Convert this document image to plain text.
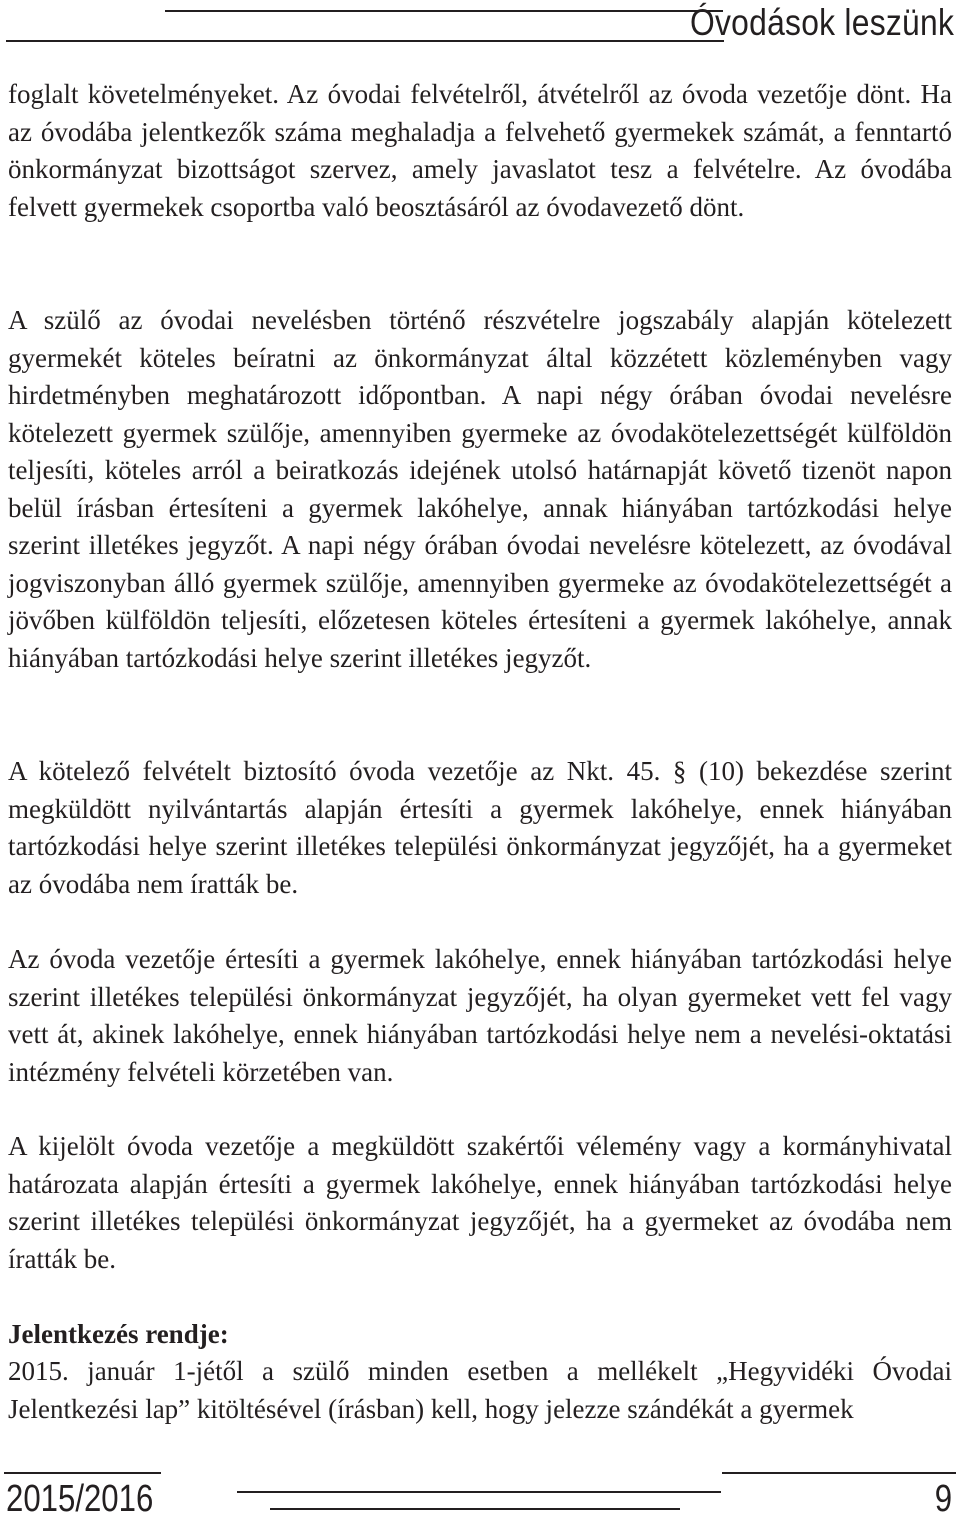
Óvodások leszünk

foglalt követelményeket. Az óvodai felvételről, átvételről az óvoda vezetője dönt. Ha az óvodába jelentkezők száma meghaladja a felvehető gyermekek számát, a fenntartó önkormányzat bizottságot szervez, amely javaslatot tesz a felvételre. Az óvodába felvett gyermekek csoportba való beosztásáról az óvodavezető dönt.

A szülő az óvodai nevelésben történő részvételre jogszabály alapján kötelezett gyermekét köteles beíratni az önkormányzat által közzétett közleményben vagy hirdetményben meghatározott időpontban. A napi négy órában óvodai nevelésre kötelezett gyermek szülője, amennyiben gyermeke az óvodakötelezettségét külföldön teljesíti, köteles arról a beiratkozás idejének utolsó határnapját követő tizenöt napon belül írásban értesíteni a gyermek lakóhelye, annak hiányában tartózkodási helye szerint illetékes jegyzőt. A napi négy órában óvodai nevelésre kötelezett, az óvodával jogviszonyban álló gyermek szülője, amennyiben gyermeke az óvodakötelezettségét a jövőben külföldön teljesíti, előzetesen köteles értesíteni a gyermek lakóhelye, annak hiányában tartózkodási helye szerint illetékes jegyzőt.

A kötelező felvételt biztosító óvoda vezetője az Nkt. 45. § (10) bekezdése szerint megküldött nyilvántartás alapján értesíti a gyermek lakóhelye, ennek hiányában tartózkodási helye szerint illetékes települési önkormányzat jegyzőjét, ha a gyermeket az óvodába nem íratták be.

Az óvoda vezetője értesíti a gyermek lakóhelye, ennek hiányában tartózkodási helye szerint illetékes települési önkormányzat jegyzőjét, ha olyan gyermeket vett fel vagy vett át, akinek lakóhelye, ennek hiányában tartózkodási helye nem a nevelési-oktatási intézmény felvételi körzetében van.

A kijelölt óvoda vezetője a megküldött szakértői vélemény vagy a kormányhivatal határozata alapján értesíti a gyermek lakóhelye, ennek hiányában tartózkodási helye szerint illetékes települési önkormányzat jegyzőjét, ha a gyermeket az óvodába nem íratták be.

Jelentkezés rendje:

2015. január 1-jétől a szülő minden esetben a mellékelt „Hegyvidéki Óvodai Jelentkezési lap” kitöltésével (írásban) kell, hogy jelezze szándékát a gyermek

2015/2016	9
